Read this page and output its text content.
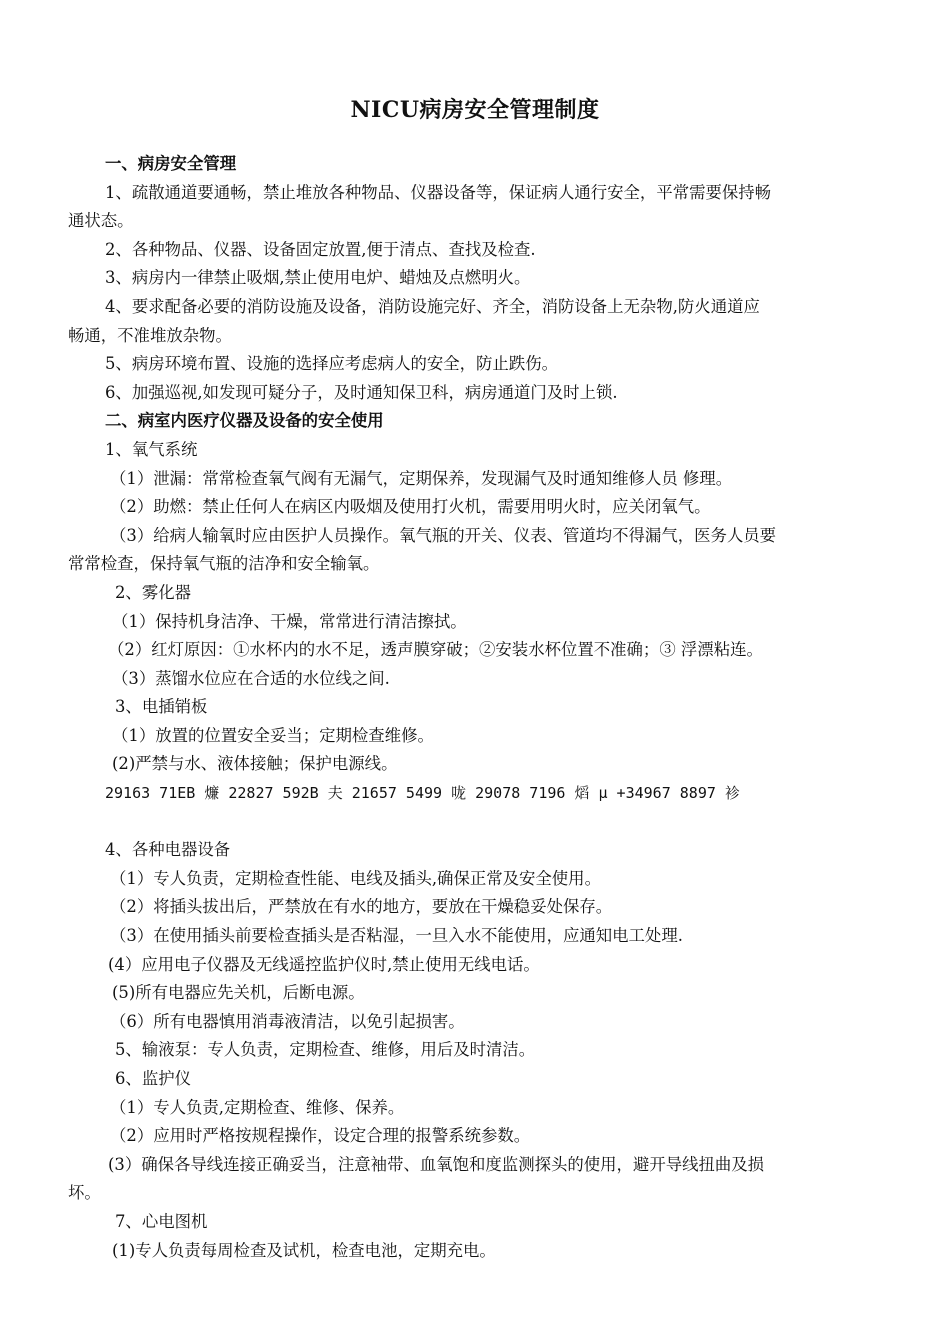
NICU病房安全管理制度
一、病房安全管理
1、疏散通道要通畅，禁止堆放各种物品、仪器设备等，保证病人通行安全，平常需要保持畅
通状态。
2、各种物品、仪器、设备固定放置,便于清点、查找及检查.
3、病房内一律禁止吸烟,禁止使用电炉、蜡烛及点燃明火。
4、要求配备必要的消防设施及设备，消防设施完好、齐全，消防设备上无杂物,防火通道应
畅通，不准堆放杂物。
5、病房环境布置、设施的选择应考虑病人的安全，防止跌伤。
6、加强巡视,如发现可疑分子，及时通知保卫科，病房通道门及时上锁.
二、病室内医疗仪器及设备的安全使用
1、氧气系统
（1）泄漏：常常检查氧气阀有无漏气，定期保养，发现漏气及时通知维修人员 修理。
（2）助燃：禁止任何人在病区内吸烟及使用打火机，需要用明火时，应关闭氧气。
（3）给病人输氧时应由医护人员操作。氧气瓶的开关、仪表、管道均不得漏气，医务人员要
常常检查，保持氧气瓶的洁净和安全输氧。
2、雾化器
（1）保持机身洁净、干燥，常常进行清洁擦拭。
（2）红灯原因：①水杯内的水不足，透声膜穿破；②安装水杯位置不准确；③ 浮漂粘连。
（3）蒸馏水位应在合适的水位线之间.
3、电插销板
（1）放置的位置安全妥当；定期检查维修。
(2)严禁与水、液体接触；保护电源线。
29163 71EB 燫 22827 592B 夫 21657 5499 咙 29078 7196 熖 µ +34967 8897 袗
4、各种电器设备
（1）专人负责，定期检查性能、电线及插头,确保正常及安全使用。
（2）将插头拔出后，严禁放在有水的地方，要放在干燥稳妥处保存。
（3）在使用插头前要检查插头是否粘湿，一旦入水不能使用，应通知电工处理.
(4）应用电子仪器及无线遥控监护仪时,禁止使用无线电话。
(5)所有电器应先关机，后断电源。
（6）所有电器慎用消毒液清洁，以免引起损害。
5、输液泵：专人负责，定期检查、维修，用后及时清洁。
6、监护仪
（1）专人负责,定期检查、维修、保养。
（2）应用时严格按规程操作，设定合理的报警系统参数。
(3）确保各导线连接正确妥当，注意袖带、血氧饱和度监测探头的使用，避开导线扭曲及损
坏。
7、心电图机
(1)专人负责每周检查及试机，检查电池，定期充电。
